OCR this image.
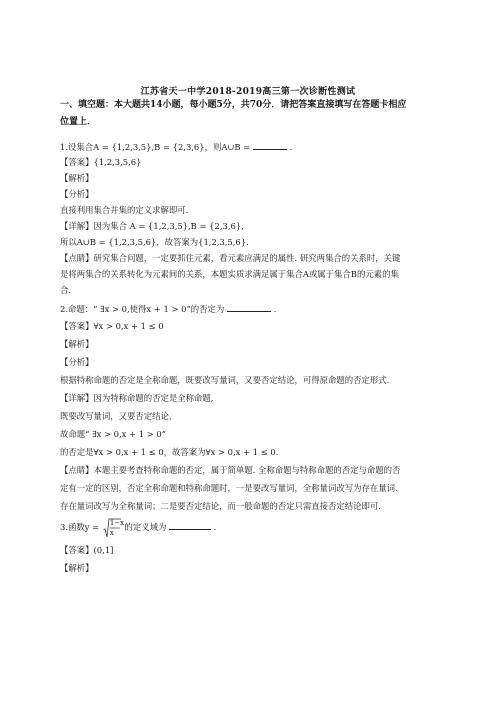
江苏省天一中学2018-2019高三第一次诊断性测试
一、填空题：本大题共14小题，每小题5分，共70分．请把答案直接填写在答题卡相应
位置上．
1.设集合A = {1,2,3,5},B = {2,3,6}，则A∪B =	.
【答案】{1,2,3,5,6}
【解析】
【分析】
直接利用集合并集的定义求解即可.
【详解】因为集合 A = {1,2,3,5},B = {2,3,6},
所以A∪B = {1,2,3,5,6}，故答案为{1,2,3,5,6}.
【点睛】研究集合问题，一定要抓住元素，看元素应满足的属性. 研究两集合的关系时，关键
是将两集合的关系转化为元素间的关系，本题实质求满足属于集合A或属于集合B的元素的集
合.
2.命题：“ ∃x > 0,使得x + 1 > 0”的否定为	.
【答案】∀x > 0,x + 1 ≤ 0
【解析】
【分析】
根据特称命题的否定是全称命题，既要改写量词，又要否定结论，可得原命题的否定形式.
【详解】因为特称命题的否定是全称命题,
既要改写量词，又要否定结论，
故命题“ ∃x > 0,x + 1 > 0”
的否定是∀x > 0,x + 1 ≤ 0，故答案为∀x > 0,x + 1 ≤ 0.
【点睛】本题主要考查特称命题的否定，属于简单题. 全称命题与特称命题的否定与命题的否
定有一定的区别，否定全称命题和特称命题时，一是要改写量词，全称量词改写为存在量词、
存在量词改写为全称量词；二是要否定结论，而一般命题的否定只需直接否定结论即可.
3.函数y = 1−x
x
的定义域为	.
【答案】(0,1]
【解析】
